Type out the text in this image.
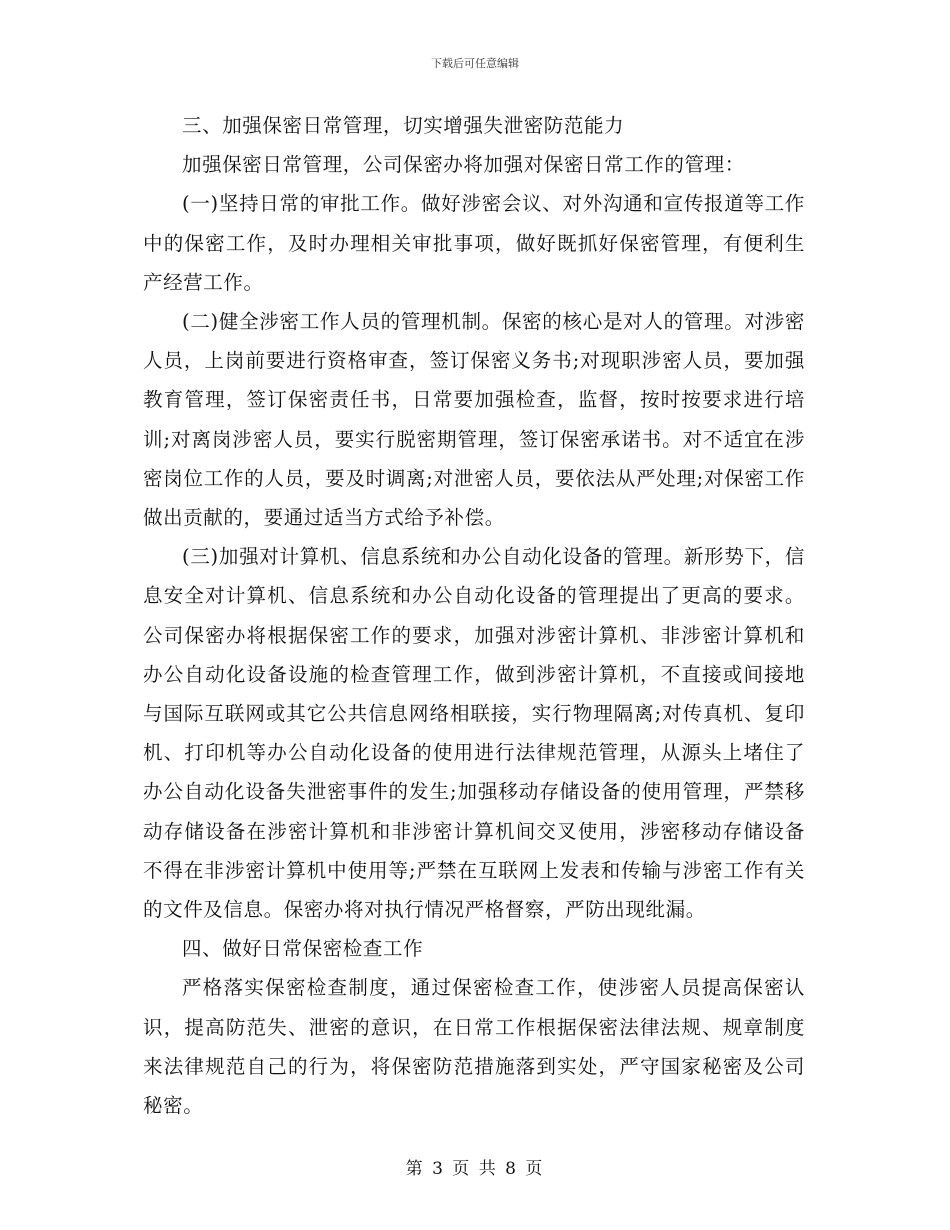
下载后可任意编辑

三、加强保密日常管理，切实增强失泄密防范能力

加强保密日常管理，公司保密办将加强对保密日常工作的管理：

(一)坚持日常的审批工作。做好涉密会议、对外沟通和宣传报道等工作中的保密工作，及时办理相关审批事项，做好既抓好保密管理，有便利生产经营工作。

(二)健全涉密工作人员的管理机制。保密的核心是对人的管理。对涉密人员，上岗前要进行资格审查，签订保密义务书;对现职涉密人员，要加强教育管理，签订保密责任书，日常要加强检查，监督，按时按要求进行培训;对离岗涉密人员，要实行脱密期管理，签订保密承诺书。对不适宜在涉密岗位工作的人员，要及时调离;对泄密人员，要依法从严处理;对保密工作做出贡献的，要通过适当方式给予补偿。

(三)加强对计算机、信息系统和办公自动化设备的管理。新形势下，信息安全对计算机、信息系统和办公自动化设备的管理提出了更高的要求。公司保密办将根据保密工作的要求，加强对涉密计算机、非涉密计算机和办公自动化设备设施的检查管理工作，做到涉密计算机，不直接或间接地与国际互联网或其它公共信息网络相联接，实行物理隔离;对传真机、复印机、打印机等办公自动化设备的使用进行法律规范管理，从源头上堵住了办公自动化设备失泄密事件的发生;加强移动存储设备的使用管理，严禁移动存储设备在涉密计算机和非涉密计算机间交叉使用，涉密移动存储设备不得在非涉密计算机中使用等;严禁在互联网上发表和传输与涉密工作有关的文件及信息。保密办将对执行情况严格督察，严防出现纰漏。

四、做好日常保密检查工作

严格落实保密检查制度，通过保密检查工作，使涉密人员提高保密认识，提高防范失、泄密的意识，在日常工作根据保密法律法规、规章制度来法律规范自己的行为，将保密防范措施落到实处，严守国家秘密及公司秘密。

第 3 页 共 8 页
